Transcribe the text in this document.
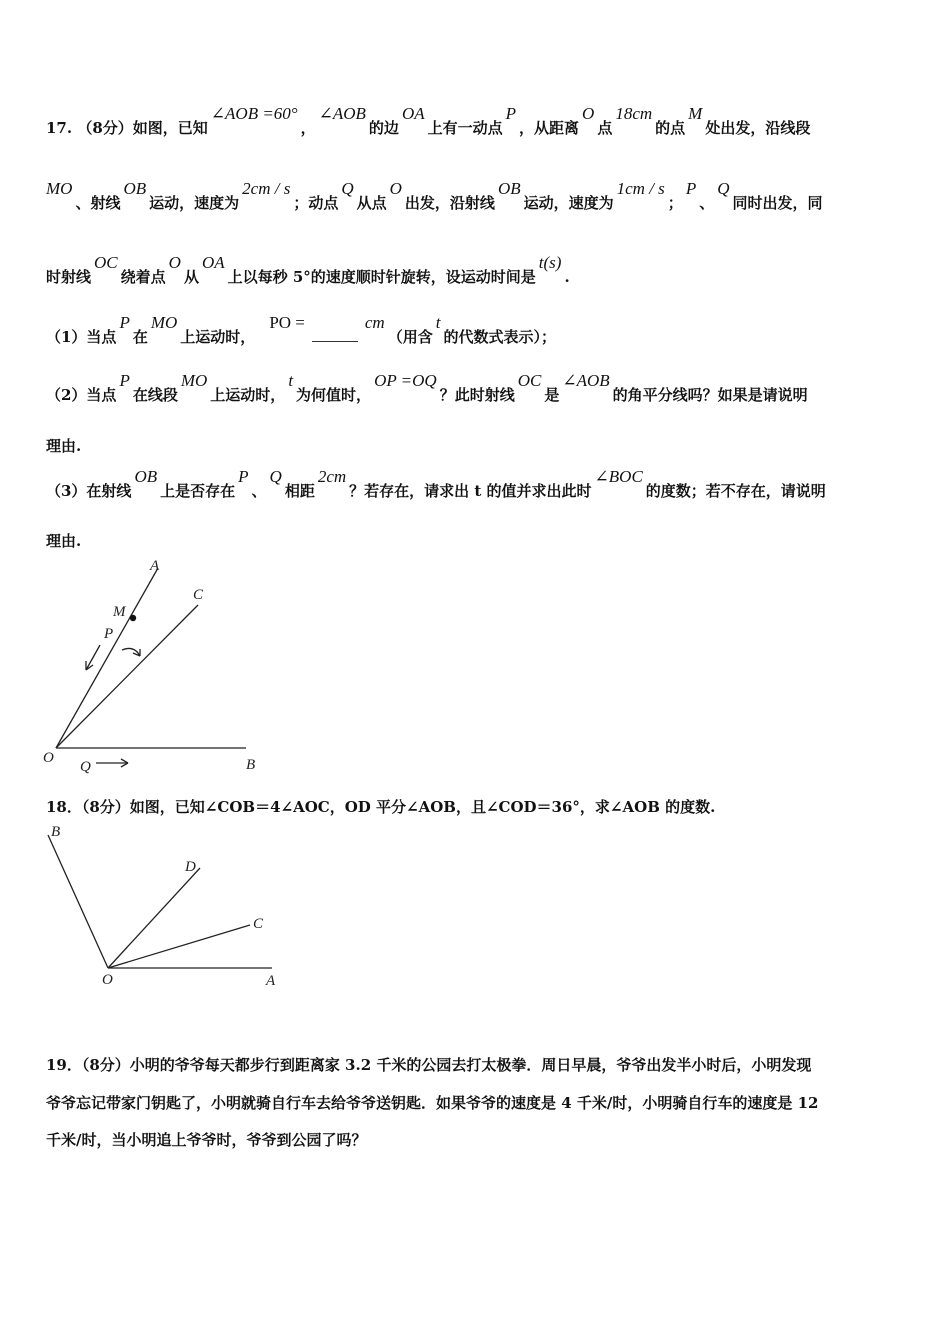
17. （8分）如图，已知∠AOB =60°，∠AOB的边OA上有一动点P，从距离O点18cm的点M处出发，沿线段
MO、射线OB运动，速度为2cm / s；动点Q从点O出发，沿射线OB运动，速度为1cm / s；P、Q同时出发，同
时射线OC绕着点O从OA上以每秒 5°的速度顺时针旋转，设运动时间是t(s).
（1）当点P在MO上运动时，PO =	cm（用含t的代数式表示）；
（2）当点P在线段MO上运动时，t为何值时，OP =OQ？此时射线OC是∠AOB的角平分线吗？如果是请说明
理由.
（3）在射线OB上是否存在P、Q相距2cm？若存在，请求出 t 的值并求出此时∠BOC的度数；若不存在，请说明
理由.
A
C
M
P
O
Q	B
18．（8分）如图，已知∠COB＝4∠AOC，OD 平分∠AOB，且∠COD＝36°，求∠AOB 的度数.
B
D
C
O	A
19．（8分）小明的爷爷每天都步行到距离家 3.2 千米的公园去打太极拳．周日早晨，爷爷出发半小时后，小明发现
爷爷忘记带家门钥匙了，小明就骑自行车去给爷爷送钥匙．如果爷爷的速度是 4 千米/时，小明骑自行车的速度是 12
千米/时，当小明追上爷爷时，爷爷到公园了吗？
